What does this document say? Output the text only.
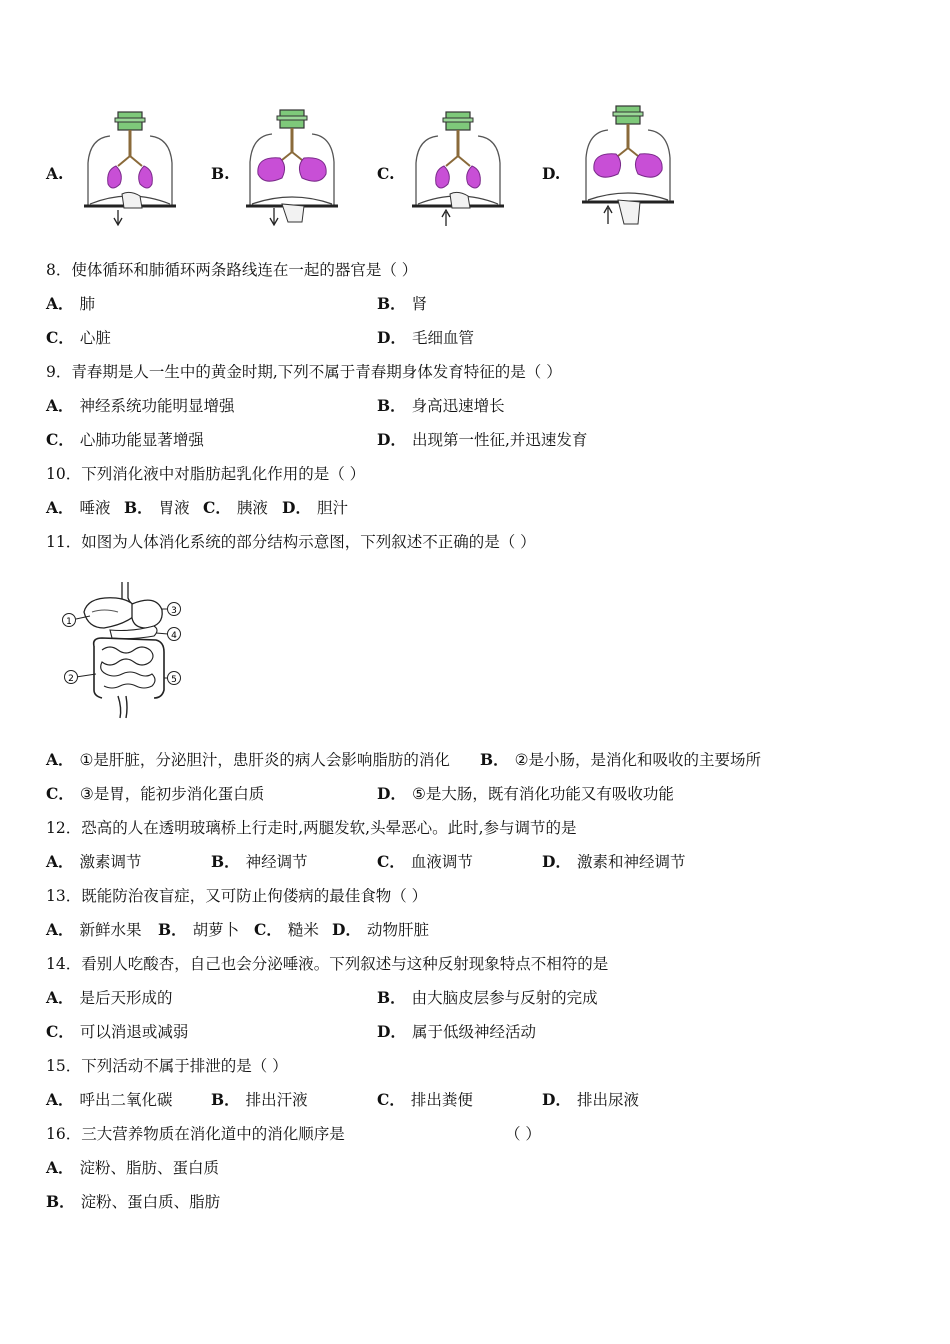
A.	B.	C.	D.
8．使体循环和肺循环两条路线连在一起的器官是（ ）
A． 肺	B． 肾
C． 心脏	D． 毛细血管
9．青春期是人一生中的黄金时期,下列不属于青春期身体发育特征的是（ ）
A． 神经系统功能明显增强	B． 身高迅速增长
C． 心肺功能显著增强	D． 出现第一性征,并迅速发育
10．下列消化液中对脂肪起乳化作用的是（ ）
A． 唾液 B． 胃液 C． 胰液 D． 胆汁
11．如图为人体消化系统的部分结构示意图，下列叙述不正确的是（ ）
1
2
3
4
5
A． ①是肝脏，分泌胆汁，患肝炎的病人会影响脂肪的消化 B． ②是小肠，是消化和吸收的主要场所
C． ③是胃，能初步消化蛋白质	D． ⑤是大肠，既有消化功能又有吸收功能
12．恐高的人在透明玻璃桥上行走时,两腿发软,头晕恶心。此时,参与调节的是
A． 激素调节	B． 神经调节	C． 血液调节	D． 激素和神经调节
13．既能防治夜盲症，又可防止佝偻病的最佳食物（ ）
A． 新鲜水果 B． 胡萝卜 C． 糙米 D． 动物肝脏
14．看别人吃酸杏，自己也会分泌唾液。下列叙述与这种反射现象特点不相符的是
A． 是后天形成的	B． 由大脑皮层参与反射的完成
C． 可以消退或减弱	D． 属于低级神经活动
15．下列活动不属于排泄的是（ ）
A． 呼出二氧化碳 B． 排出汗液	C． 排出粪便	D． 排出尿液
16．三大营养物质在消化道中的消化顺序是	（ ）
A． 淀粉、脂肪、蛋白质
B． 淀粉、蛋白质、脂肪
